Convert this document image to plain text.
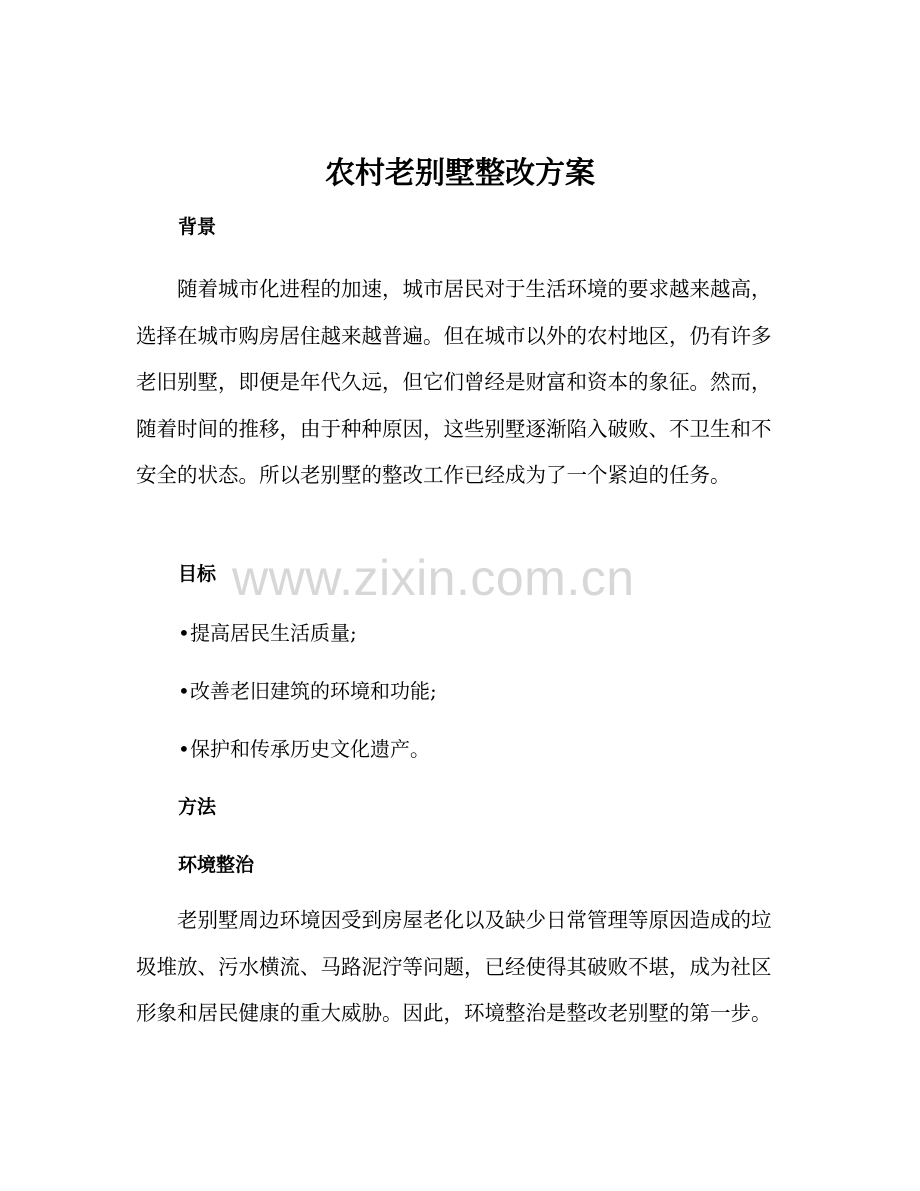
农村老别墅整改方案
背景

随着城市化进程的加速，城市居民对于生活环境的要求越来越高，选择在城市购房居住越来越普遍。但在城市以外的农村地区，仍有许多老旧别墅，即便是年代久远，但它们曾经是财富和资本的象征。然而，随着时间的推移，由于种种原因，这些别墅逐渐陷入破败、不卫生和不安全的状态。所以老别墅的整改工作已经成为了一个紧迫的任务。

目标
•提高居民生活质量;
•改善老旧建筑的环境和功能;
•保护和传承历史文化遗产。
方法
环境整治

老别墅周边环境因受到房屋老化以及缺少日常管理等原因造成的垃圾堆放、污水横流、马路泥泞等问题，已经使得其破败不堪，成为社区形象和居民健康的重大威胁。因此，环境整治是整改老别墅的第一步。

www.zixin.com.cn
